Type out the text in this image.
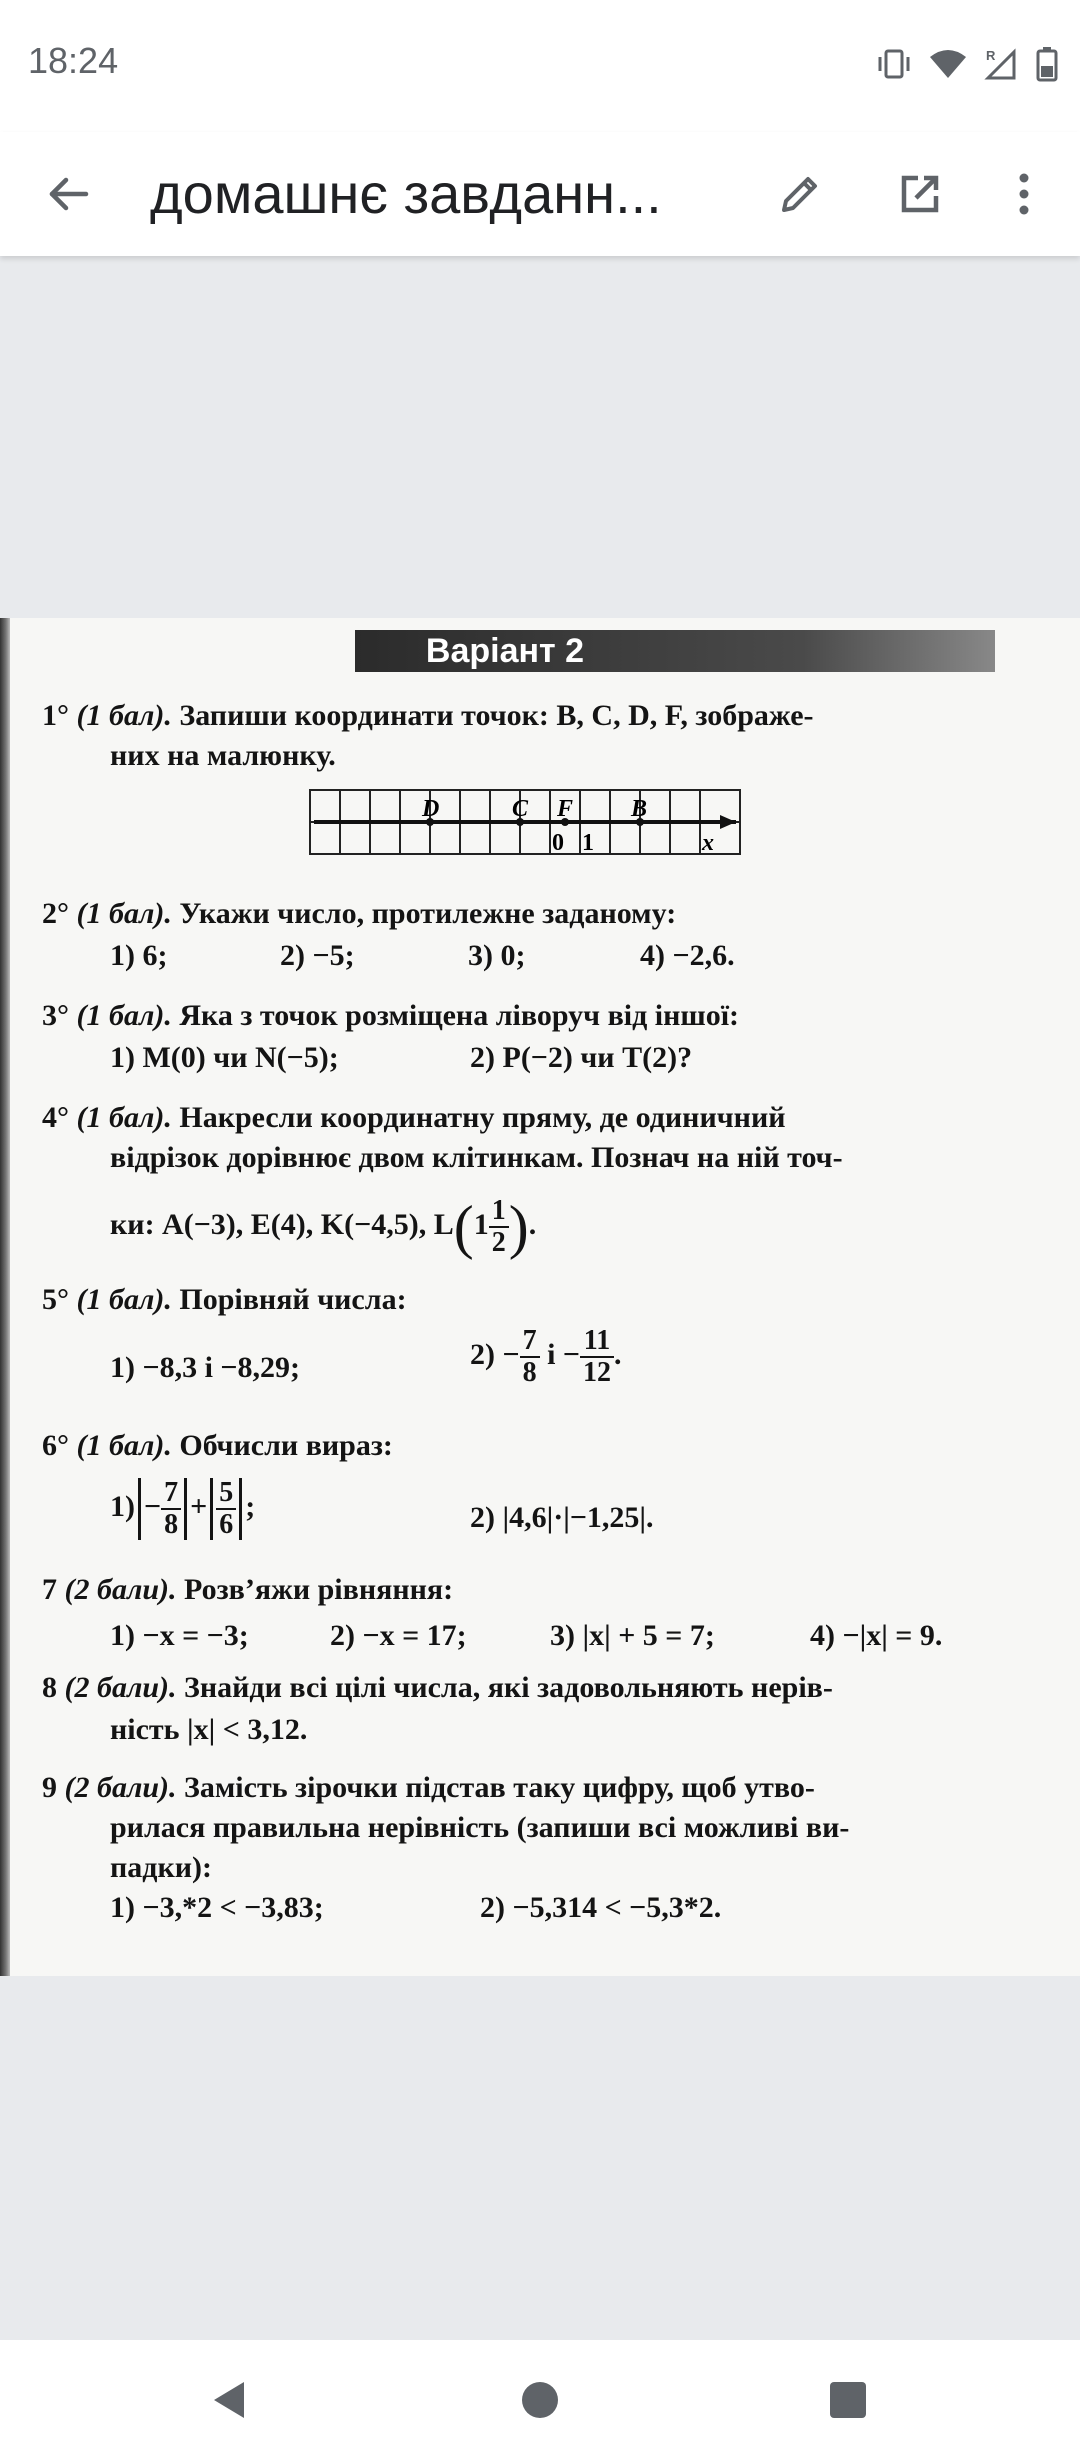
18:24	R
домашнє завданн...
Варіант 2
1° (1 бал). Запиши координати точок: B, C, D, F, зображе-
них на малюнку.
D	C F B
0 1	x
2° (1 бал). Укажи число, протилежне заданому:
1) 6;	2) −5;	3) 0;	4) −2,6.
3° (1 бал). Яка з точок розміщена ліворуч від іншої:
1) M(0) чи N(−5);	2) P(−2) чи T(2)?
4° (1 бал). Накресли координатну пряму, де одиничний
відрізок дорівнює двом клітинкам. Познач на ній точ-
ки: A(−3), E(4), K(−4,5), $L(1 \frac{1}{2}$ ).
5° (1 бал). Порівняй числа:
1) −8,3 і −8,29;	$2) - \frac{7}{8}$ $і - \frac{11}{12}$ .
6° (1 бал). Обчисли вираз:
$1) - \frac{7}{8} + \frac{5}{6}$ ;	2) |4,6|·|−1,25|.
7 (2 бали). Розв’яжи рівняння:
1) −x = −3;	2) −x = 17;	3) |x| + 5 = 7;	4) −|x| = 9.
8 (2 бали). Знайди всі цілі числа, які задовольняють нерів-
ність |x| < 3,12.
9 (2 бали). Замість зірочки підстав таку цифру, щоб утво-
рилася правильна нерівність (запиши всі можливі ви-
падки):
1) −3,*2 < −3,83;	2) −5,314 < −5,3*2.
